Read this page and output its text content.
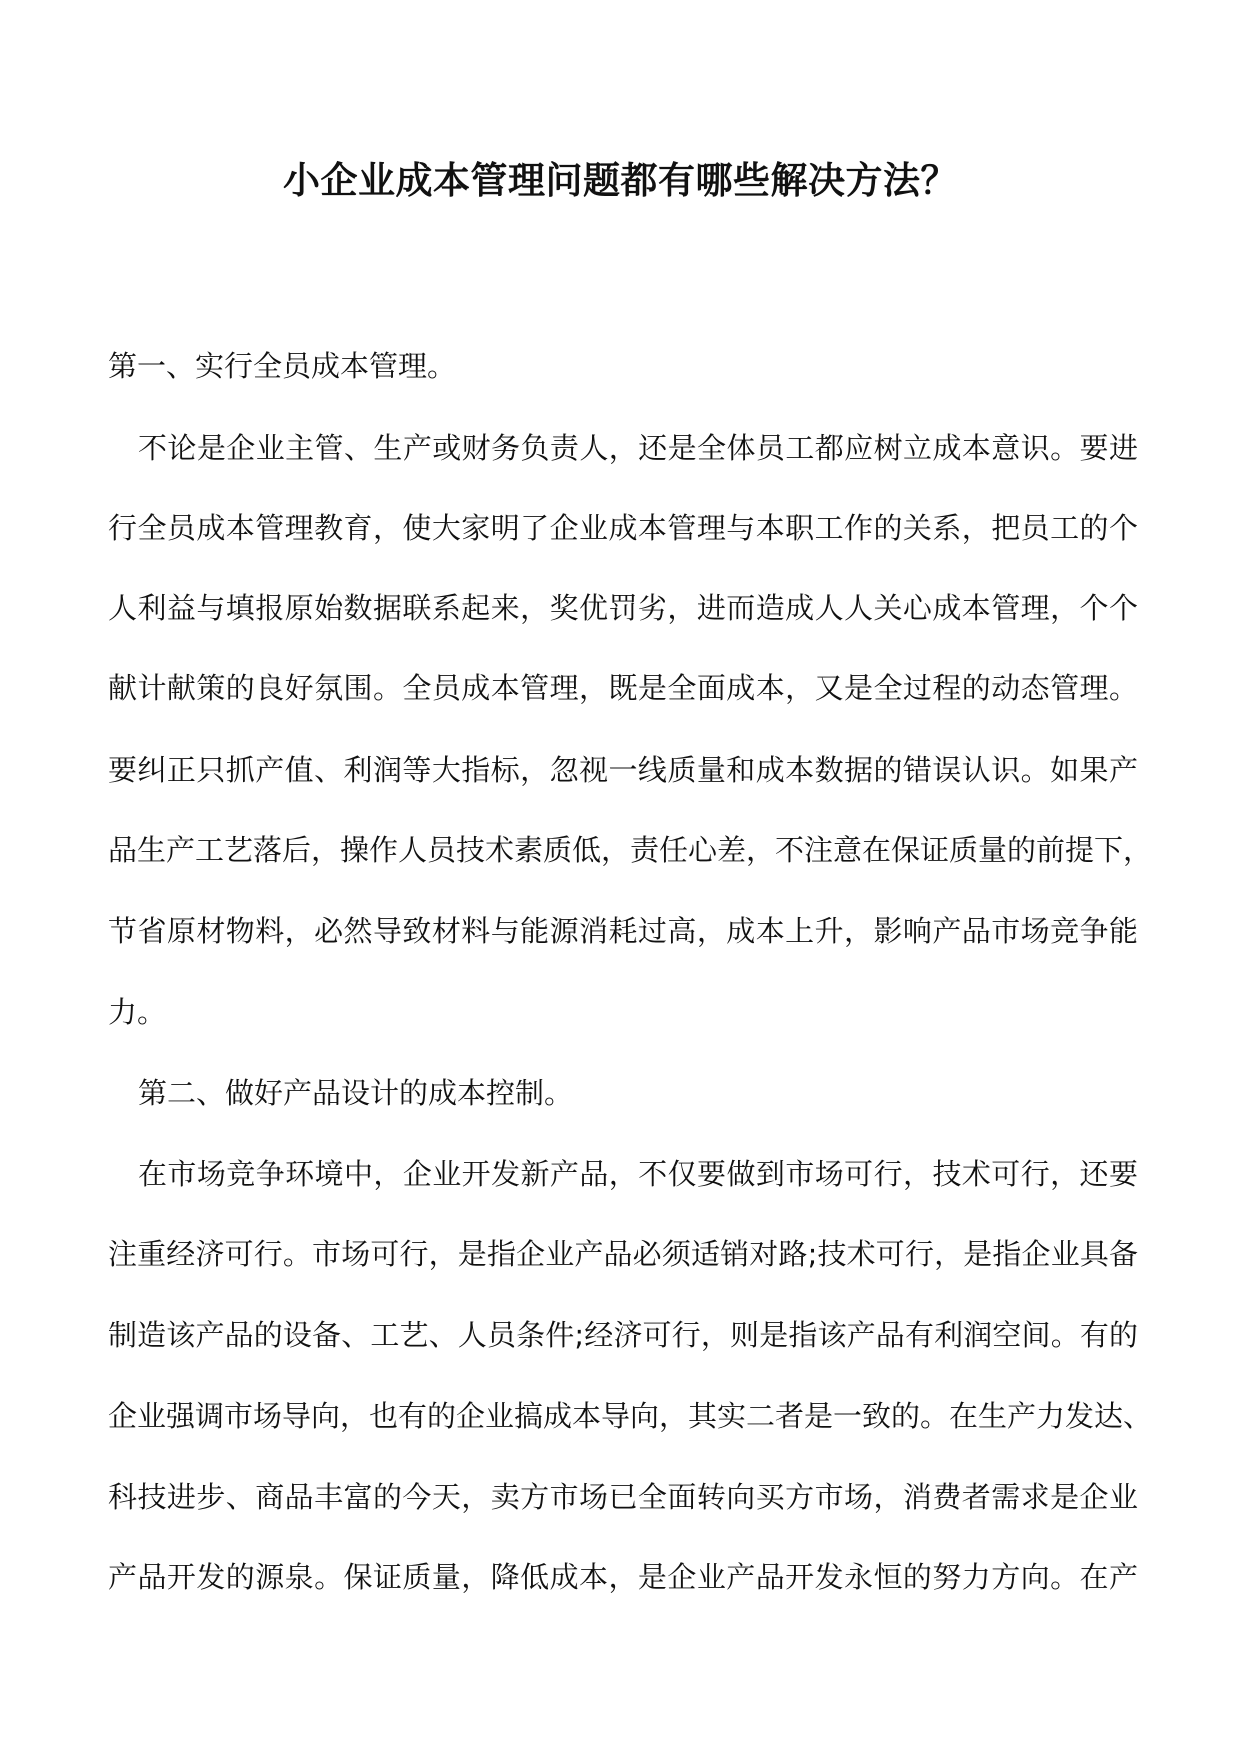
小企业成本管理问题都有哪些解决方法？

第一、实行全员成本管理。

不论是企业主管、生产或财务负责人，还是全体员工都应树立成本意识。要进

行全员成本管理教育，使大家明了企业成本管理与本职工作的关系，把员工的个

人利益与填报原始数据联系起来，奖优罚劣，进而造成人人关心成本管理，个个

献计献策的良好氛围。全员成本管理，既是全面成本，又是全过程的动态管理。

要纠正只抓产值、利润等大指标，忽视一线质量和成本数据的错误认识。如果产

品生产工艺落后，操作人员技术素质低，责任心差，不注意在保证质量的前提下，

节省原材物料，必然导致材料与能源消耗过高，成本上升，影响产品市场竞争能

力。

第二、做好产品设计的成本控制。

在市场竞争环境中，企业开发新产品，不仅要做到市场可行，技术可行，还要

注重经济可行。市场可行，是指企业产品必须适销对路;技术可行，是指企业具备

制造该产品的设备、工艺、人员条件;经济可行，则是指该产品有利润空间。有的

企业强调市场导向，也有的企业搞成本导向，其实二者是一致的。在生产力发达、

科技进步、商品丰富的今天，卖方市场已全面转向买方市场，消费者需求是企业

产品开发的源泉。保证质量，降低成本，是企业产品开发永恒的努力方向。在产
